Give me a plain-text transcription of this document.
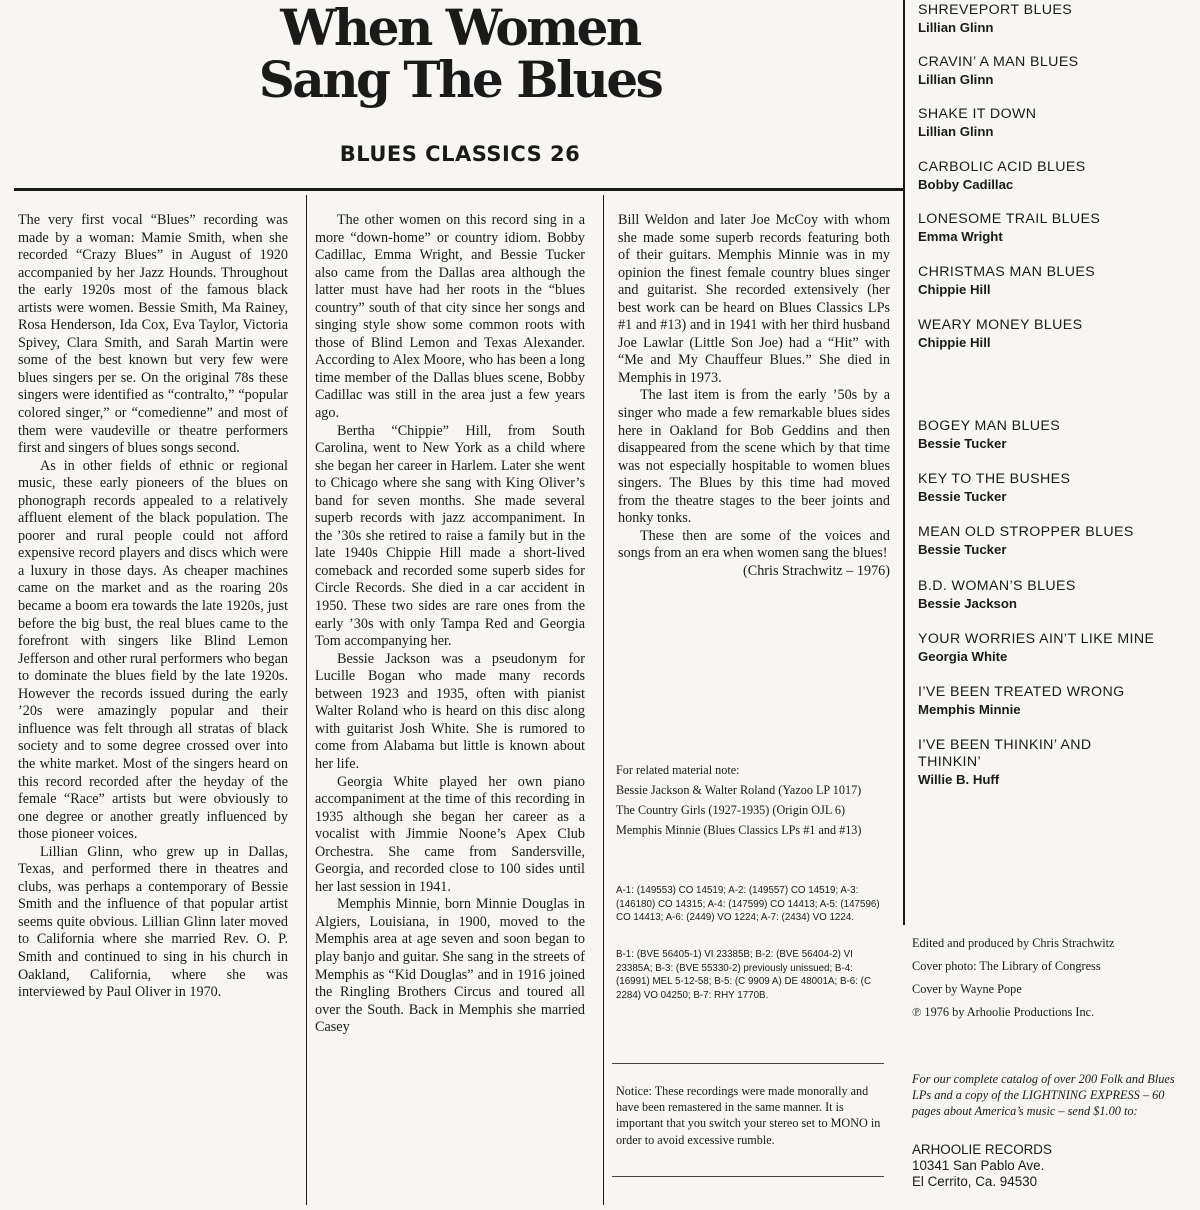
When Women
Sang The Blues
BLUES CLASSICS 26

The very first vocal “Blues” recording was made by a woman: Mamie Smith, when she recorded “Crazy Blues” in August of 1920 accompanied by her Jazz Hounds. Throughout the early 1920s most of the famous black artists were women. Bessie Smith, Ma Rainey, Rosa Henderson, Ida Cox, Eva Taylor, Victoria Spivey, Clara Smith, and Sarah Martin were some of the best known but very few were blues singers per se. On the original 78s these singers were identified as “contralto,” “popular colored singer,” or “comedienne” and most of them were vaudeville or theatre performers first and singers of blues songs second.

As in other fields of ethnic or regional music, these early pioneers of the blues on phonograph records appealed to a relatively affluent element of the black population. The poorer and rural people could not afford expensive record players and discs which were a luxury in those days. As cheaper machines came on the market and as the roaring 20s became a boom era towards the late 1920s, just before the big bust, the real blues came to the forefront with singers like Blind Lemon Jefferson and other rural performers who began to dominate the blues field by the late 1920s. However the records issued during the early ’20s were amazingly popular and their influence was felt through all stratas of black society and to some degree crossed over into the white market. Most of the singers heard on this record recorded after the heyday of the female “Race” artists but were obviously to one degree or another greatly influenced by those pioneer voices.

Lillian Glinn, who grew up in Dallas, Texas, and performed there in theatres and clubs, was perhaps a contemporary of Bessie Smith and the influence of that popular artist seems quite obvious. Lillian Glinn later moved to California where she married Rev. O. P. Smith and continued to sing in his church in Oakland, California, where she was interviewed by Paul Oliver in 1970.

The other women on this record sing in a more “down-home” or country idiom. Bobby Cadillac, Emma Wright, and Bessie Tucker also came from the Dallas area although the latter must have had her roots in the “blues country” south of that city since her songs and singing style show some common roots with those of Blind Lemon and Texas Alexander. According to Alex Moore, who has been a long time member of the Dallas blues scene, Bobby Cadillac was still in the area just a few years ago.

Bertha “Chippie” Hill, from South Carolina, went to New York as a child where she began her career in Harlem. Later she went to Chicago where she sang with King Oliver’s band for seven months. She made several superb records with jazz accompaniment. In the ’30s she retired to raise a family but in the late 1940s Chippie Hill made a short-lived comeback and recorded some superb sides for Circle Records. She died in a car accident in 1950. These two sides are rare ones from the early ’30s with only Tampa Red and Georgia Tom accompanying her.

Bessie Jackson was a pseudonym for Lucille Bogan who made many records between 1923 and 1935, often with pianist Walter Roland who is heard on this disc along with guitarist Josh White. She is rumored to come from Alabama but little is known about her life.

Georgia White played her own piano accompaniment at the time of this recording in 1935 although she began her career as a vocalist with Jimmie Noone’s Apex Club Orchestra. She came from Sandersville, Georgia, and recorded close to 100 sides until her last session in 1941.

Memphis Minnie, born Minnie Douglas in Algiers, Louisiana, in 1900, moved to the Memphis area at age seven and soon began to play banjo and guitar. She sang in the streets of Memphis as “Kid Douglas” and in 1916 joined the Ringling Brothers Circus and toured all over the South. Back in Memphis she married Casey

Bill Weldon and later Joe McCoy with whom she made some superb records featuring both of their guitars. Memphis Minnie was in my opinion the finest female country blues singer and guitarist. She recorded extensively (her best work can be heard on Blues Classics LPs #1 and #13) and in 1941 with her third husband Joe Lawlar (Little Son Joe) had a “Hit” with “Me and My Chauffeur Blues.” She died in Memphis in 1973.

The last item is from the early ’50s by a singer who made a few remarkable blues sides here in Oakland for Bob Geddins and then disappeared from the scene which by that time was not especially hospitable to women blues singers. The Blues by this time had moved from the theatre stages to the beer joints and honky tonks.

These then are some of the voices and songs from an era when women sang the blues!

(Chris Strachwitz – 1976)

For related material note:

Bessie Jackson & Walter Roland (Yazoo LP 1017)

The Country Girls (1927-1935) (Origin OJL 6)

Memphis Minnie (Blues Classics LPs #1 and #13)

A-1: (149553) CO 14519; A-2: (149557) CO 14519; A-3: (146180) CO 14315; A-4: (147599) CO 14413; A-5: (147596) CO 14413; A-6: (2449) VO 1224; A-7: (2434) VO 1224.
B-1: (BVE 56405-1) VI 23385B; B-2: (BVE 56404-2) VI 23385A; B-3: (BVE 55330-2) previously unissued; B-4: (16991) MEL 5-12-58; B-5: (C 9909 A) DE 48001A; B-6: (C 2284) VO 04250; B-7: RHY 1770B.
Notice: These recordings were made monorally and have been remastered in the same manner. It is important that you switch your stereo set to MONO in order to avoid excessive rumble.
SHREVEPORT BLUES
Lillian Glinn
CRAVIN’ A MAN BLUES
Lillian Glinn
SHAKE IT DOWN
Lillian Glinn
CARBOLIC ACID BLUES
Bobby Cadillac
LONESOME TRAIL BLUES
Emma Wright
CHRISTMAS MAN BLUES
Chippie Hill
WEARY MONEY BLUES
Chippie Hill
BOGEY MAN BLUES
Bessie Tucker
KEY TO THE BUSHES
Bessie Tucker
MEAN OLD STROPPER BLUES
Bessie Tucker
B.D. WOMAN’S BLUES
Bessie Jackson
YOUR WORRIES AIN’T LIKE MINE
Georgia White
I’VE BEEN TREATED WRONG
Memphis Minnie
I’VE BEEN THINKIN’ AND THINKIN’
Willie B. Huff
Edited and produced by Chris Strachwitz
Cover photo: The Library of Congress
Cover by Wayne Pope
℗ 1976 by Arhoolie Productions Inc.
For our complete catalog of over 200 Folk and Blues LPs and a copy of the LIGHTNING EXPRESS – 60 pages about America’s music – send $1.00 to:
ARHOOLIE RECORDS
10341 San Pablo Ave.
El Cerrito, Ca. 94530
